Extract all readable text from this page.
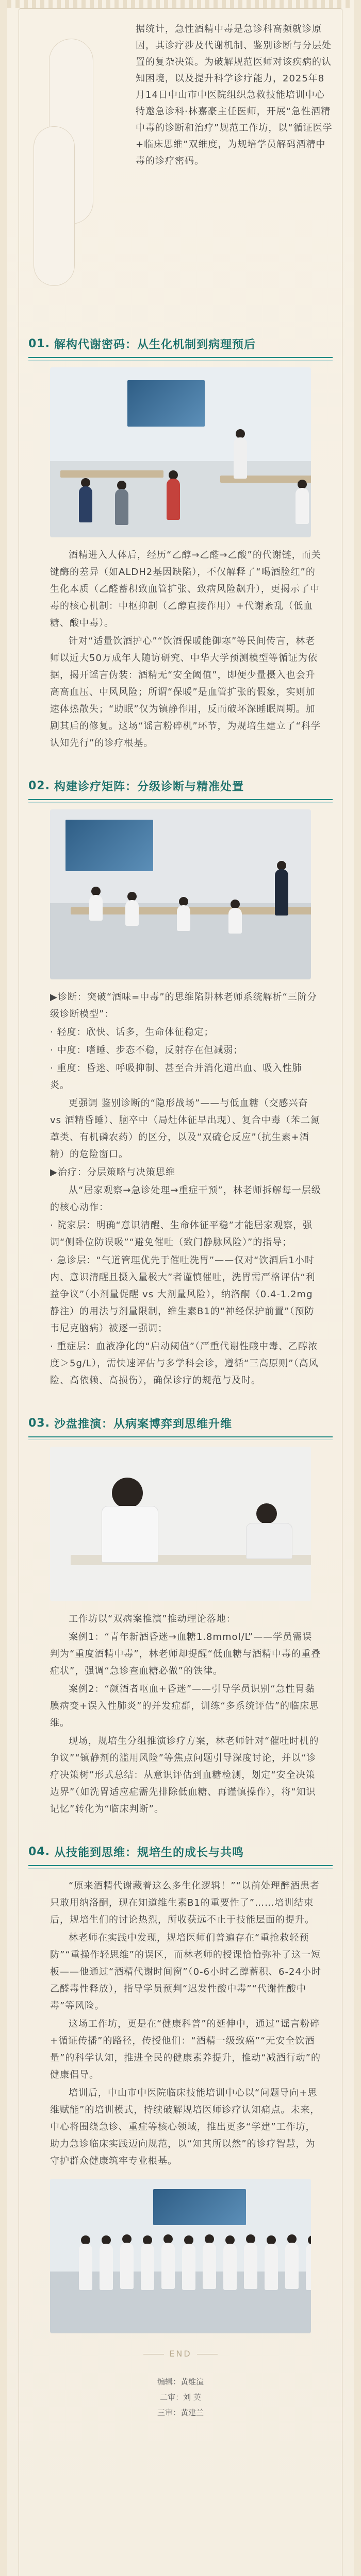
据统计，急性酒精中毒是急诊科高频就诊原因，其诊疗涉及代谢机制、鉴别诊断与分层处置的复杂决策。为破解规范医师对该疾病的认知困境，以及提升科学诊疗能力，2025年8月14日中山市中医院组织急救技能培训中心特邀急诊科·林嘉豪主任医师，开展“急性酒精中毒的诊断和治疗”规范工作坊，以“循证医学+临床思维”双维度，为规培学员解码酒精中毒的诊疗密码。
01. 解构代谢密码：从生化机制到病理预后

酒精进入人体后，经历“乙醇→乙醛→乙酸”的代谢链，而关键酶的差异（如ALDH2基因缺陷），不仅解释了“喝酒脸红”的生化本质（乙醛蓄积致血管扩张、致病风险飙升），更揭示了中毒的核心机制：中枢抑制（乙醇直接作用）+代谢紊乱（低血糖、酸中毒）。

针对“适量饮酒护心”“饮酒保暖能御寒”等民间传言，林老师以近大50万成年人随访研究、中华大学预测模型等循证为依据，揭开谣言伪装：酒精无“安全阈值”，即便少量摄入也会升高高血压、中风风险；所谓“保暖”是血管扩张的假象，实则加速体热散失；“助眠”仅为镇静作用，反而破坏深睡眠周期。加剧其后的修复。这场“谣言粉碎机”环节，为规培生建立了“科学认知先行”的诊疗根基。

02. 构建诊疗矩阵：分级诊断与精准处置

▶诊断：突破“酒味=中毒”的思维陷阱林老师系统解析“三阶分级诊断模型”：

· 轻度：欣快、话多，生命体征稳定；

· 中度：嗜睡、步态不稳，反射存在但减弱；

· 重度：昏迷、呼吸抑制、甚至合并消化道出血、吸入性肺炎。

更强调 鉴别诊断的“隐形战场”——与低血糖（交感兴奋 vs 酒精昏睡）、脑卒中（局灶体征早出现）、复合中毒（苯二氮䓬类、有机磷农药）的区分，以及“双硫仑反应”（抗生素+酒精）的危险窗口。

▶治疗：分层策略与决策思维

从“居家观察→急诊处理→重症干预”，林老师拆解每一层级的核心动作：

· 院家层：明确“意识清醒、生命体征平稳”才能居家观察，强调“侧卧位防误吸”“避免催吐（致门静脉风险）”的指导；

· 急诊层：“气道管理优先于催吐洗胃”——仅对“饮酒后1小时内、意识清醒且摄入量极大”者谨慎催吐，洗胃需严格评估“利益争议”（小剂量促醒 vs 大剂量风险），纳洛酮（0.4-1.2mg静注）的用法与剂量限制，维生素B1的“神经保护前置”（预防韦尼克脑病）被逐一强调；

· 重症层：血液净化的“启动阈值”（严重代谢性酸中毒、乙醇浓度＞5g/L），需快速评估与多学科会诊，遵循“三高原则”（高风险、高依赖、高损伤），确保诊疗的规范与及时。

03. 沙盘推演：从病案博弈到思维升维

工作坊以“双病案推演”推动理论落地：

案例1：“青年新酒昏迷→血糖1.8mmol/L”——学员需误判为“重度酒精中毒”，林老师却提醒“低血糖与酒精中毒的重叠症状”，强调“急诊查血糖必做”的铁律。

案例2：“颜酒者呕血+昏迷”——引导学员识别“急性胃黏膜病变+误入性肺炎”的并发症群，训练“多系统评估”的临床思维。

现场，规培生分组推演诊疗方案，林老师针对“催吐时机的争议”“镇静剂的滥用风险”等焦点问题引导深度讨论，并以“诊疗决策树”形式总结：从意识评估到血糖检测，划定“安全决策边界”（如洗胃适应症需先排除低血糖、再谨慎操作），将“知识记忆”转化为“临床判断”。

04. 从技能到思维：规培生的成长与共鸣

“原来酒精代谢藏着这么多生化逻辑！”“以前处理醉酒患者只敢用纳洛酮，现在知道维生素B1的重要性了”……培训结束后，规培生们的讨论热烈，所收获远不止于技能层面的提升。

林老师在实践中发现，规培医师们普遍存在“重抢救轻预防”“重操作轻思维”的误区，而林老师的授课恰恰弥补了这一短板——他通过“酒精代谢时间窗”（0-6小时乙醇蓄积、6-24小时乙醛毒性释放），指导学员预判“迟发性酸中毒”“代谢性酸中毒”等风险。

这场工作坊，更是在“健康科普”的延伸中，通过“谣言粉碎+循证传播”的路径，传授他们：“酒精一级致癌”“无安全饮酒量”的科学认知，推进全民的健康素养提升，推动“减酒行动”的健康倡导。

培训后，中山市中医院临床技能培训中心以“问题导向+思维赋能”的培训模式，持续破解规培医师诊疗认知痛点。未来，中心将围绕急诊、重症等核心领域，推出更多“学建”工作坊，助力急诊临床实践迈向规范，以“知其所以然”的诊疗智慧，为守护群众健康筑牢专业根基。

END
编辑：黄维渲
二审：刘 英
三审：黄建兰
